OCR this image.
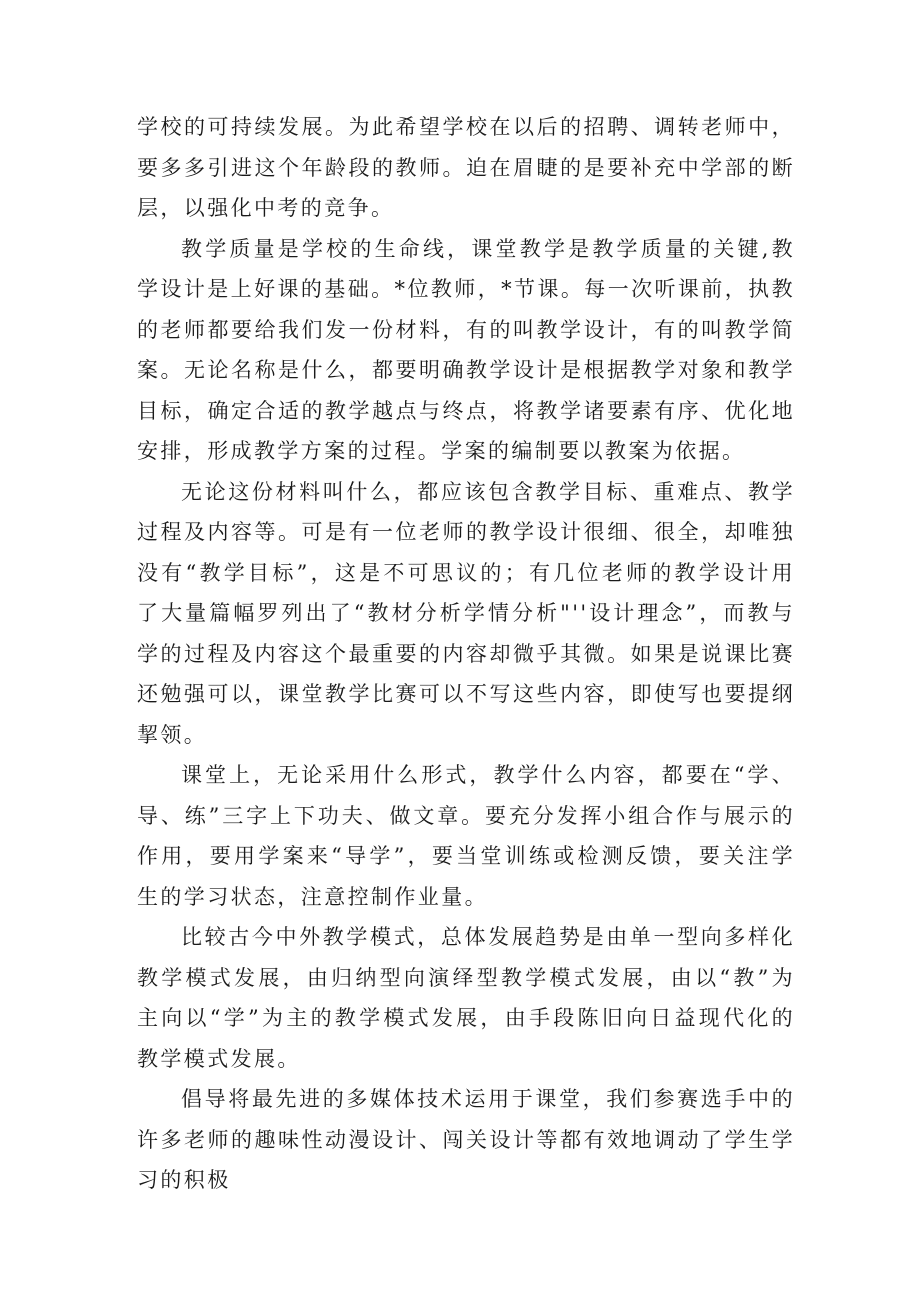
学校的可持续发展。为此希望学校在以后的招聘、调转老师中，要多多引进这个年龄段的教师。迫在眉睫的是要补充中学部的断层，以强化中考的竞争。

教学质量是学校的生命线，课堂教学是教学质量的关键,教学设计是上好课的基础。*位教师，*节课。每一次听课前，执教的老师都要给我们发一份材料，有的叫教学设计，有的叫教学简案。无论名称是什么，都要明确教学设计是根据教学对象和教学目标，确定合适的教学越点与终点，将教学诸要素有序、优化地安排，形成教学方案的过程。学案的编制要以教案为依据。

无论这份材料叫什么，都应该包含教学目标、重难点、教学过程及内容等。可是有一位老师的教学设计很细、很全，却唯独没有“教学目标”，这是不可思议的；有几位老师的教学设计用了大量篇幅罗列出了“教材分析学情分析"''设计理念”，而教与学的过程及内容这个最重要的内容却微乎其微。如果是说课比赛还勉强可以，课堂教学比赛可以不写这些内容，即使写也要提纲挈领。

课堂上，无论采用什么形式，教学什么内容，都要在“学、导、练”三字上下功夫、做文章。要充分发挥小组合作与展示的作用，要用学案来“导学”，要当堂训练或检测反馈，要关注学生的学习状态，注意控制作业量。

比较古今中外教学模式，总体发展趋势是由单一型向多样化教学模式发展，由归纳型向演绎型教学模式发展，由以“教”为主向以“学”为主的教学模式发展，由手段陈旧向日益现代化的教学模式发展。

倡导将最先进的多媒体技术运用于课堂，我们参赛选手中的许多老师的趣味性动漫设计、闯关设计等都有效地调动了学生学习的积极
